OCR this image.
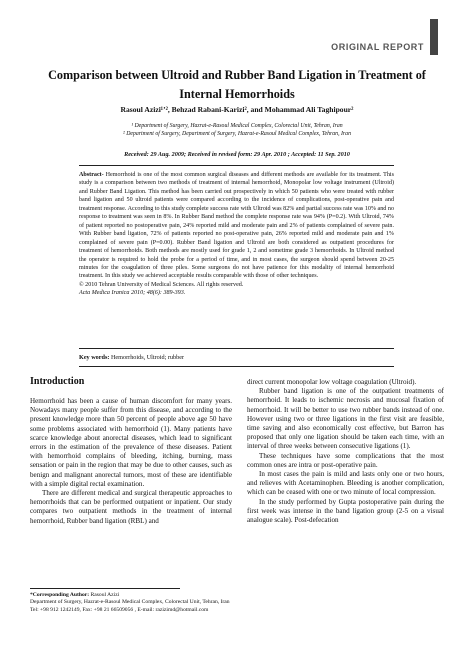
ORIGINAL REPORT
Comparison between Ultroid and Rubber Band Ligation in Treatment of Internal Hemorrhoids
Rasoul Azizi¹ʼ², Behzad Rabani-Karizi², and Mohammad Ali Taghipour²
¹ Department of Surgery, Hazrat-e-Rasoul Medical Complex, Colorectal Unit, Tehran, Iran
² Department of Surgery, Department of Surgery, Hazrat-e-Rasoul Medical Complex, Tehran, Iran
Received: 29 Aug. 2009; Received in revised form: 29 Apr. 2010 ; Accepted: 11 Sep. 2010

Abstract- Hemorrhoid is one of the most common surgical diseases and different methods are available for its treatment. This study is a comparison between two methods of treatment of internal hemorrhoid, Monopolar low voltage instrument (Ultroid) and Rubber Band Ligation. This method has been carried out prospectively in which 50 patients who were treated with rubber band ligation and 50 ultroid patients were compared according to the incidence of complications, post-operative pain and treatment response. According to this study complete success rate with Ultroid was 82% and partial success rate was 10% and no response to treatment was seen in 8%. In Rubber Band method the complete response rate was 94% (P=0.2). With Ultroid, 74% of patient reported no postoperative pain, 24% reported mild and moderate pain and 2% of patients complained of severe pain. With Rubber band ligation, 72% of patients reported no post-operative pain, 26% reported mild and moderate pain and 1% complained of severe pain (P=0.00). Rubber Band ligation and Ultroid are both considered as outpatient procedures for treatment of hemorrhoids. Both methods are mostly used for grade 1, 2 and sometime grade 3 hemorrhoids. In Ultroid method the operator is required to hold the probe for a period of time, and in most cases, the surgeon should spend between 20-25 minutes for the coagulation of three piles. Some surgeons do not have patience for this modality of internal hemorrhoid treatment. In this study we achieved acceptable results comparable with those of other techniques.

© 2010 Tehran University of Medical Sciences. All rights reserved.

Acta Medica Iranica 2010; 48(6): 389-393.

Key words: Hemorrhoids, Ultroid; rubber
Introduction

Hemorrhoid has been a cause of human discomfort for many years. Nowadays many people suffer from this disease, and according to the present knowledge more than 50 percent of people above age 50 have some problems associated with hemorrhoid (1). Many patients have scarce knowledge about anorectal diseases, which lead to significant errors in the estimation of the prevalence of these diseases. Patient with hemorrhoid complains of bleeding, itching, burning, mass sensation or pain in the region that may be due to other causes, such as benign and malignant anorectal tumors, most of these are identifiable with a simple digital rectal examination.

There are different medical and surgical therapeutic approaches to hemorrhoids that can be performed outpatient or inpatient. Our study compares two outpatient methods in the treatment of internal hemorrhoid, Rubber band ligation (RBL) and

direct current monopolar low voltage coagulation (Ultroid).

Rubber band ligation is one of the outpatient treatments of hemorrhoid. It leads to ischemic necrosis and mucosal fixation of hemorrhoid. It will be better to use two rubber bands instead of one. However using two or three ligations in the first visit are feasible, time saving and also economically cost effective, but Barron has proposed that only one ligation should be taken each time, with an interval of three weeks between consecutive ligations (1).

These techniques have some complications that the most common ones are intra or post-operative pain.

In most cases the pain is mild and lasts only one or two hours, and relieves with Acetaminophen. Bleeding is another complication, which can be ceased with one or two minute of local compression.

In the study performed by Gupta postoperative pain during the first week was intense in the band ligation group (2-5 on a visual analogue scale). Post-defecation

*Corresponding Author: Rasoul Azizi
Department of Surgery, Hazrat-e-Rasoul Medical Complex, Colorectal Unit, Tehran, Iran
Tel: +98 912 1242149, Fax: +98 21 66509056 , E-mail: razizimd@hotmail.com
